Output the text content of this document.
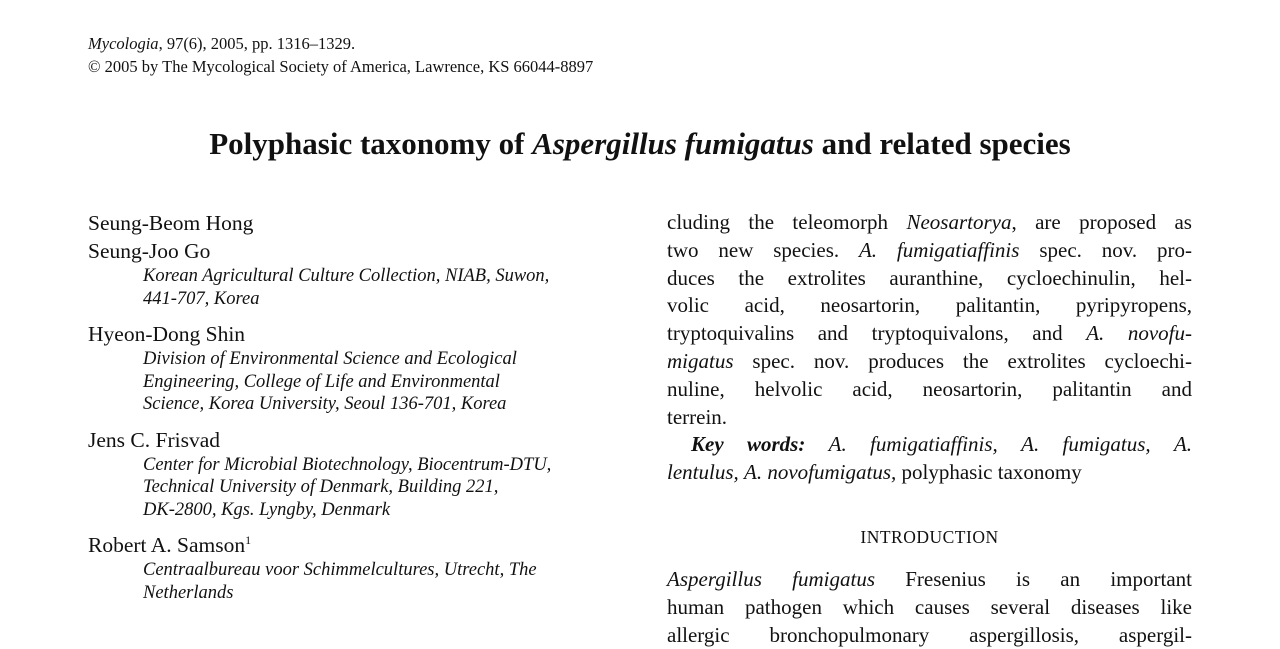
Mycologia, 97(6), 2005, pp. 1316–1329.
© 2005 by The Mycological Society of America, Lawrence, KS 66044-8897
Polyphasic taxonomy of Aspergillus fumigatus and related species
Seung-Beom Hong
Seung-Joo Go
Korean Agricultural Culture Collection, NIAB, Suwon,
441-707, Korea
Hyeon-Dong Shin
Division of Environmental Science and Ecological
Engineering, College of Life and Environmental
Science, Korea University, Seoul 136-701, Korea
Jens C. Frisvad
Center for Microbial Biotechnology, Biocentrum-DTU,
Technical University of Denmark, Building 221,
DK-2800, Kgs. Lyngby, Denmark
Robert A. Samson$^1$
Centraalbureau voor Schimmelcultures, Utrecht, The
Netherlands
cluding the teleomorph Neosartorya, are proposed as
two new species. A. fumigatiaffinis spec. nov. pro-
duces the extrolites auranthine, cycloechinulin, hel-
volic acid, neosartorin, palitantin, pyripyropens,
tryptoquivalins and tryptoquivalons, and A. novofu-
migatus spec. nov. produces the extrolites cycloechi-
nuline, helvolic acid, neosartorin, palitantin and
terrein.
Key words: A. fumigatiaffinis, A. fumigatus, A.
lentulus, A. novofumigatus, polyphasic taxonomy
INTRODUCTION
Aspergillus fumigatus Fresenius is an important
human pathogen which causes several diseases like
allergic bronchopulmonary aspergillosis, aspergil-
